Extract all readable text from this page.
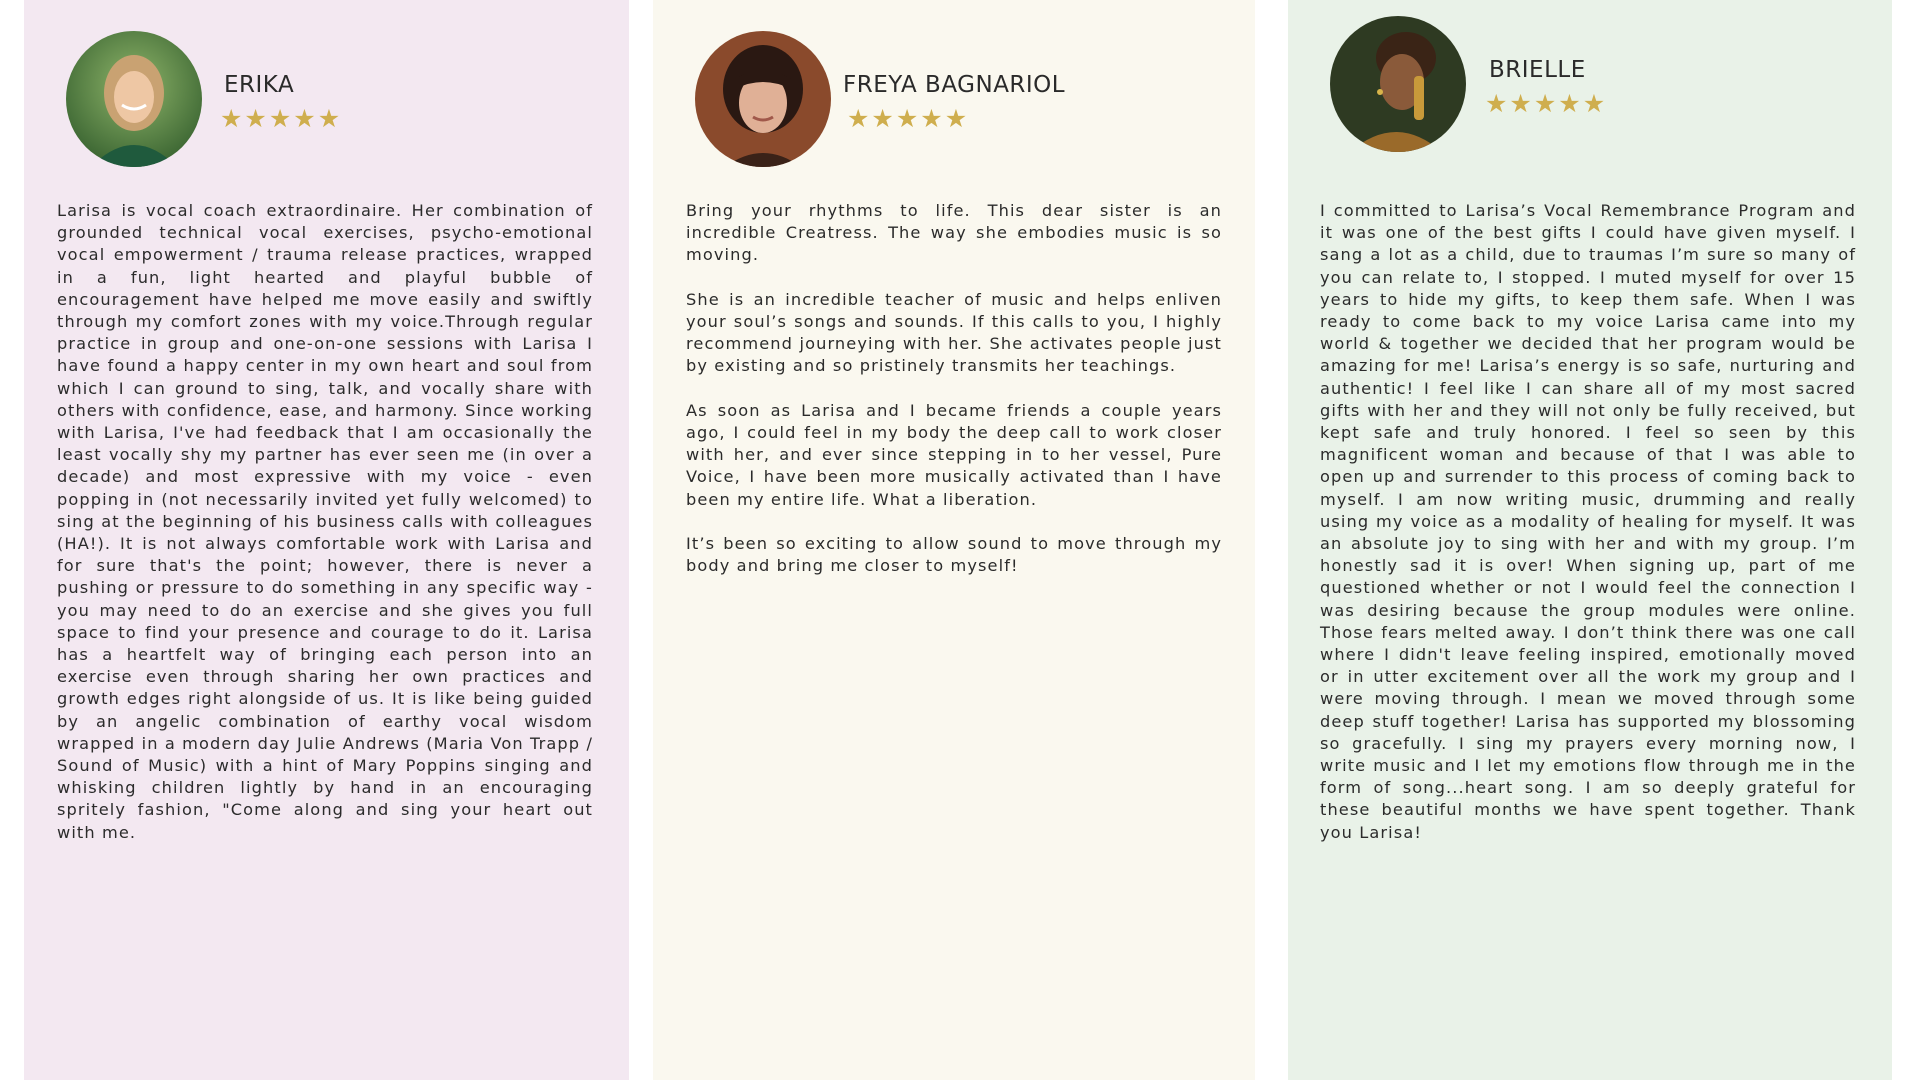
ERIKA
★ ★ ★ ★ ★

Larisa is vocal coach extraordinaire. Her combination of grounded technical vocal exercises, psycho-emotional vocal empowerment / trauma release practices, wrapped in a fun, light hearted and playful bubble of encouragement have helped me move easily and swiftly through my comfort zones with my voice.Through regular practice in group and one-on-one sessions with Larisa I have found a happy center in my own heart and soul from which I can ground to sing, talk, and vocally share with others with confidence, ease, and harmony. Since working with Larisa, I've had feedback that I am occasionally the least vocally shy my partner has ever seen me (in over a decade) and most expressive with my voice - even popping in (not necessarily invited yet fully welcomed) to sing at the beginning of his business calls with colleagues (HA!). It is not always comfortable work with Larisa and for sure that's the point; however, there is never a pushing or pressure to do something in any specific way - you may need to do an exercise and she gives you full space to find your presence and courage to do it. Larisa has a heartfelt way of bringing each person into an exercise even through sharing her own practices and growth edges right alongside of us. It is like being guided by an angelic combination of earthy vocal wisdom wrapped in a modern day Julie Andrews (Maria Von Trapp / Sound of Music) with a hint of Mary Poppins singing and whisking children lightly by hand in an encouraging spritely fashion, "Come along and sing your heart out with me.

FREYA BAGNARIOL
★ ★ ★ ★ ★

Bring your rhythms to life. This dear sister is an incredible Creatress. The way she embodies music is so moving.

She is an incredible teacher of music and helps enliven your soul’s songs and sounds. If this calls to you, I highly recommend journeying with her. She activates people just by existing and so pristinely transmits her teachings.

As soon as Larisa and I became friends a couple years ago, I could feel in my body the deep call to work closer with her, and ever since stepping in to her vessel, Pure Voice, I have been more musically activated than I have been my entire life. What a liberation.

It’s been so exciting to allow sound to move through my body and bring me closer to myself!

BRIELLE
★ ★ ★ ★ ★

I committed to Larisa’s Vocal Remembrance Program and it was one of the best gifts I could have given myself. I sang a lot as a child, due to traumas I’m sure so many of you can relate to, I stopped. I muted myself for over 15 years to hide my gifts, to keep them safe. When I was ready to come back to my voice Larisa came into my world & together we decided that her program would be amazing for me! Larisa’s energy is so safe, nurturing and authentic! I feel like I can share all of my most sacred gifts with her and they will not only be fully received, but kept safe and truly honored. I feel so seen by this magnificent woman and because of that I was able to open up and surrender to this process of coming back to myself. I am now writing music, drumming and really using my voice as a modality of healing for myself. It was an absolute joy to sing with her and with my group. I’m honestly sad it is over! When signing up, part of me questioned whether or not I would feel the connection I was desiring because the group modules were online. Those fears melted away. I don’t think there was one call where I didn't leave feeling inspired, emotionally moved or in utter excitement over all the work my group and I were moving through. I mean we moved through some deep stuff together! Larisa has supported my blossoming so gracefully. I sing my prayers every morning now, I write music and I let my emotions flow through me in the form of song...heart song. I am so deeply grateful for these beautiful months we have spent together. Thank you Larisa!
